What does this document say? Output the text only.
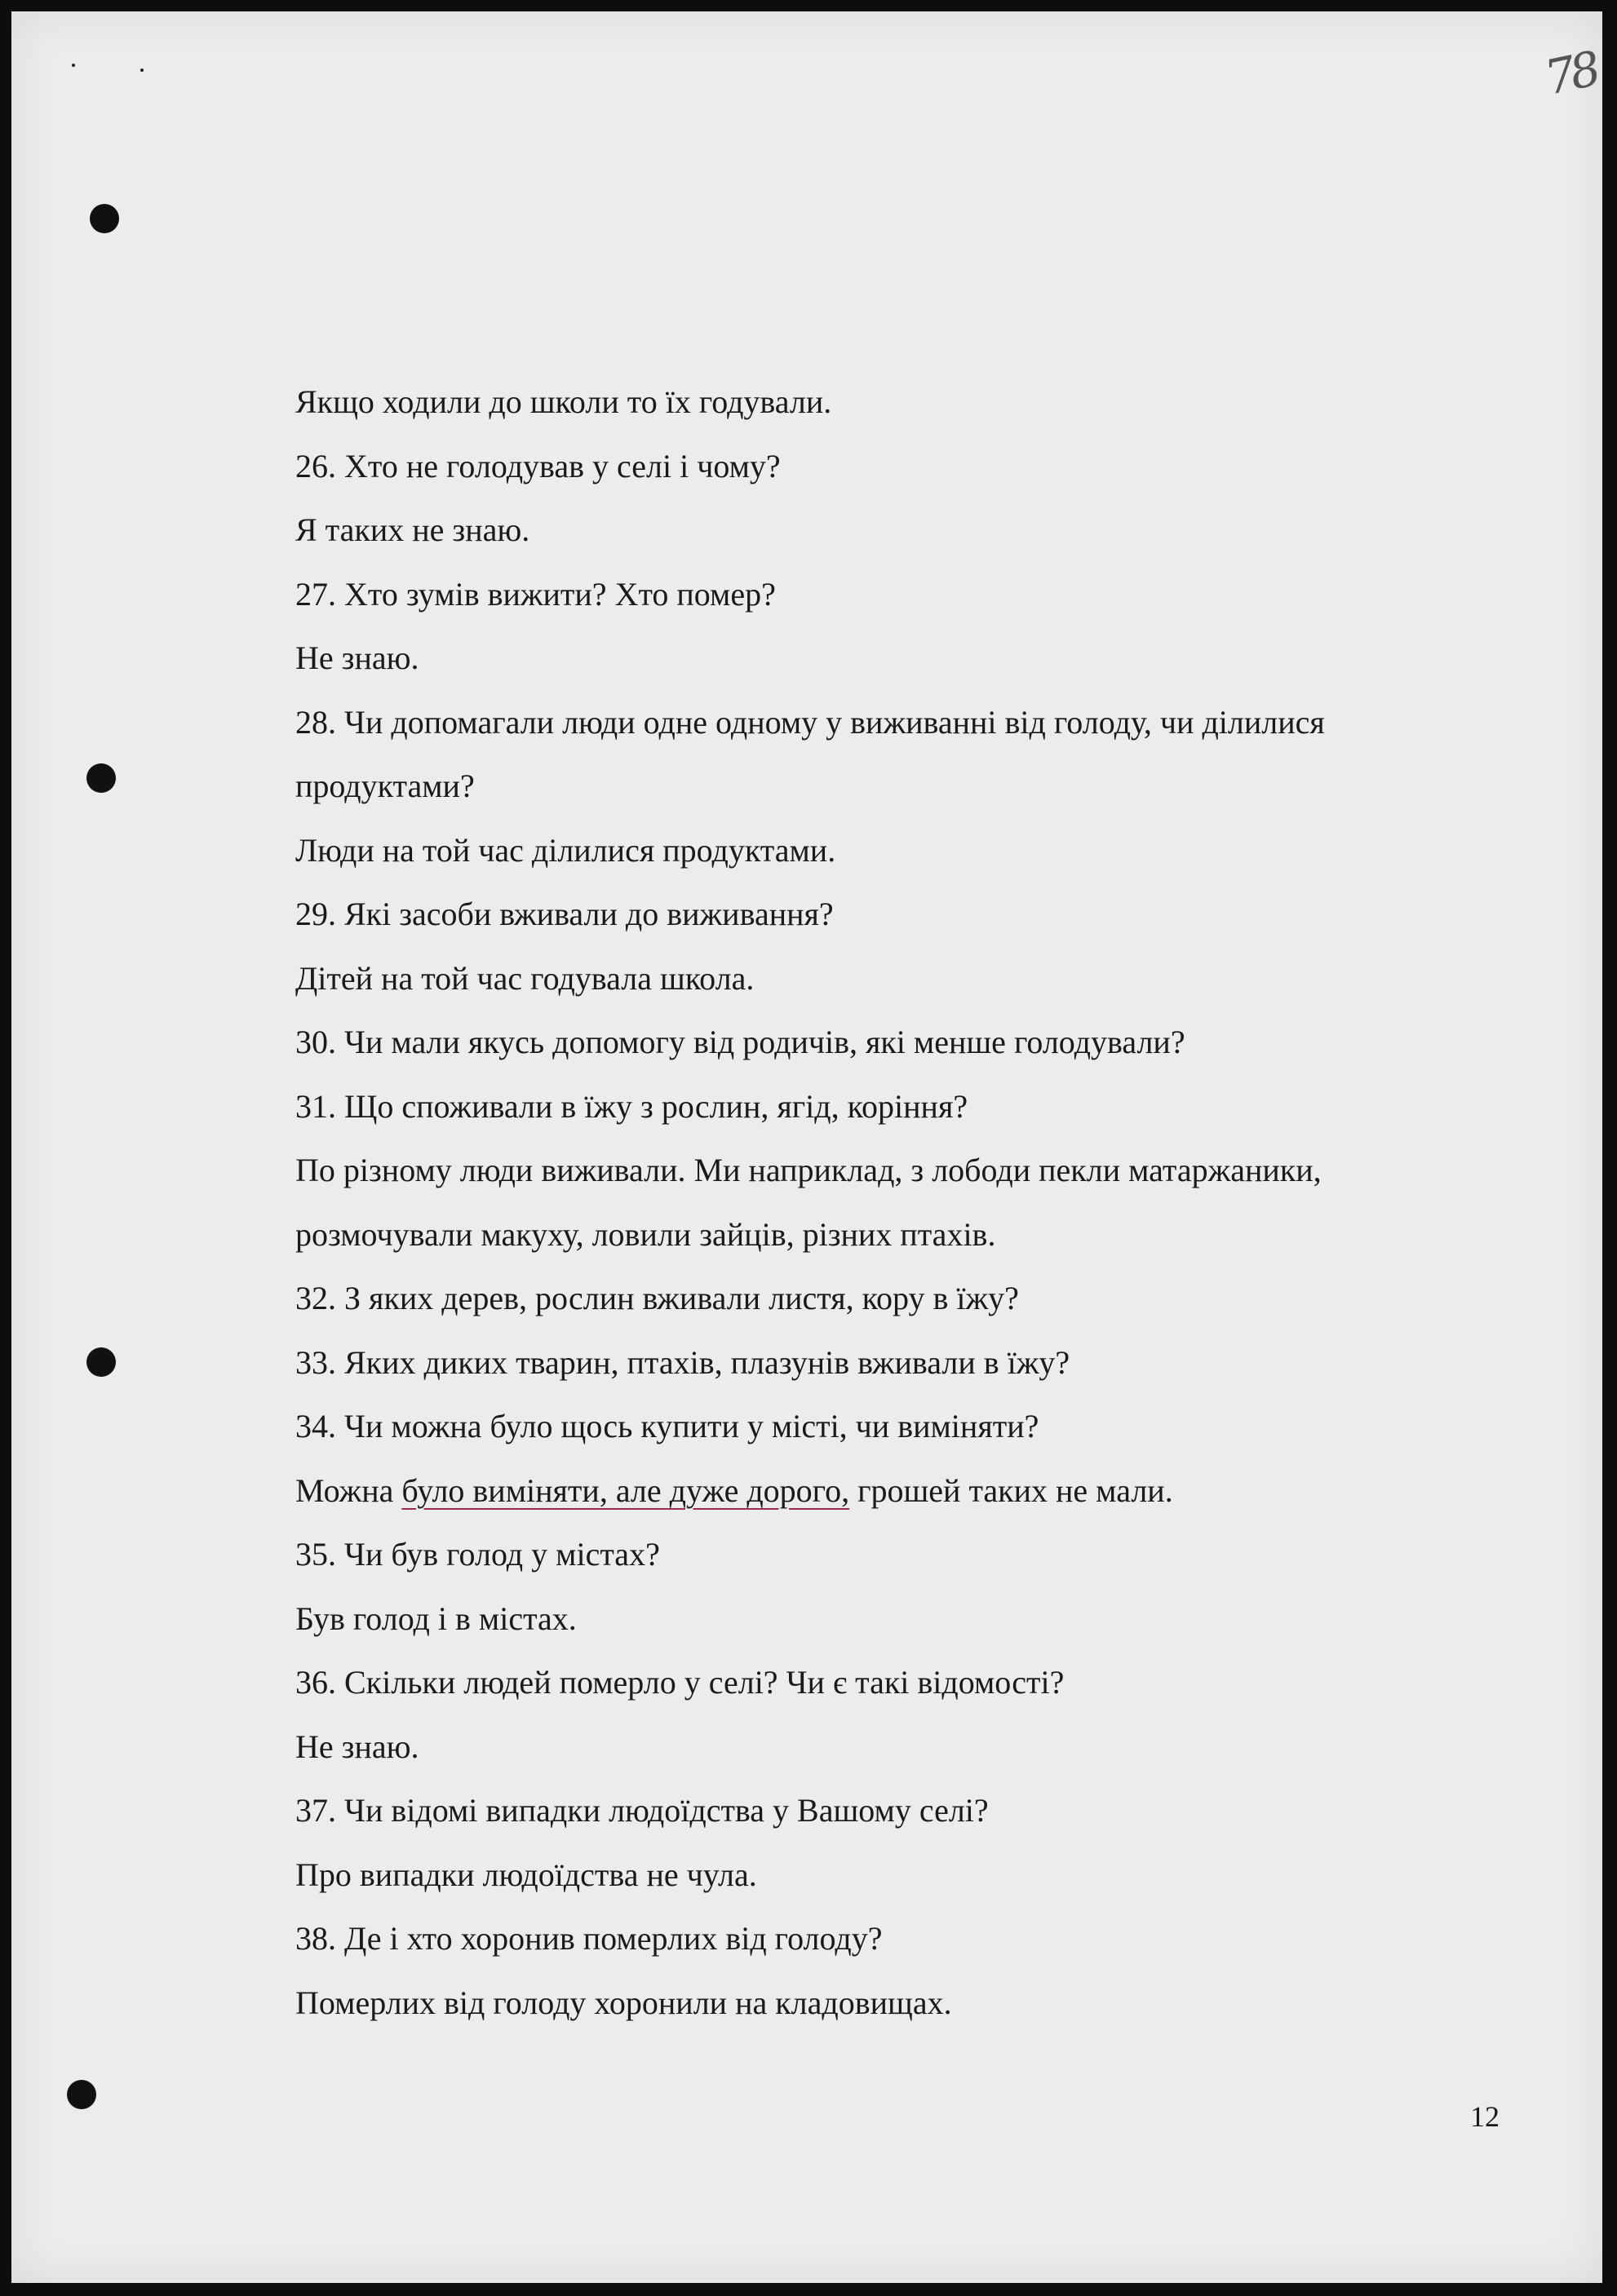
78
Якщо ходили до школи то їх годували.
26. Хто не голодував у селі і чому?
Я таких не знаю.
27. Хто зумів вижити? Хто помер?
Не знаю.
28. Чи допомагали люди одне одному у виживанні від голоду, чи ділилися
продуктами?
Люди на той час ділилися продуктами.
29. Які засоби вживали до виживання?
Дітей на той час годувала школа.
30. Чи мали якусь допомогу від родичів, які менше голодували?
31. Що споживали в їжу з рослин, ягід, коріння?
По різному люди виживали. Ми наприклад, з лободи пекли матаржаники,
розмочували макуху, ловили зайців, різних птахів.
32. З яких дерев, рослин вживали листя, кору в їжу?
33. Яких диких тварин, птахів, плазунів вживали в їжу?
34. Чи можна було щось купити у місті, чи виміняти?
Можна було виміняти, але дуже дорого, грошей таких не мали.
35. Чи був голод у містах?
Був голод і в містах.
36. Скільки людей померло у селі? Чи є такі відомості?
Не знаю.
37. Чи відомі випадки людоїдства у Вашому селі?
Про випадки людоїдства не чула.
38. Де і хто хоронив померлих від голоду?
Померлих від голоду хоронили на кладовищах.
12
